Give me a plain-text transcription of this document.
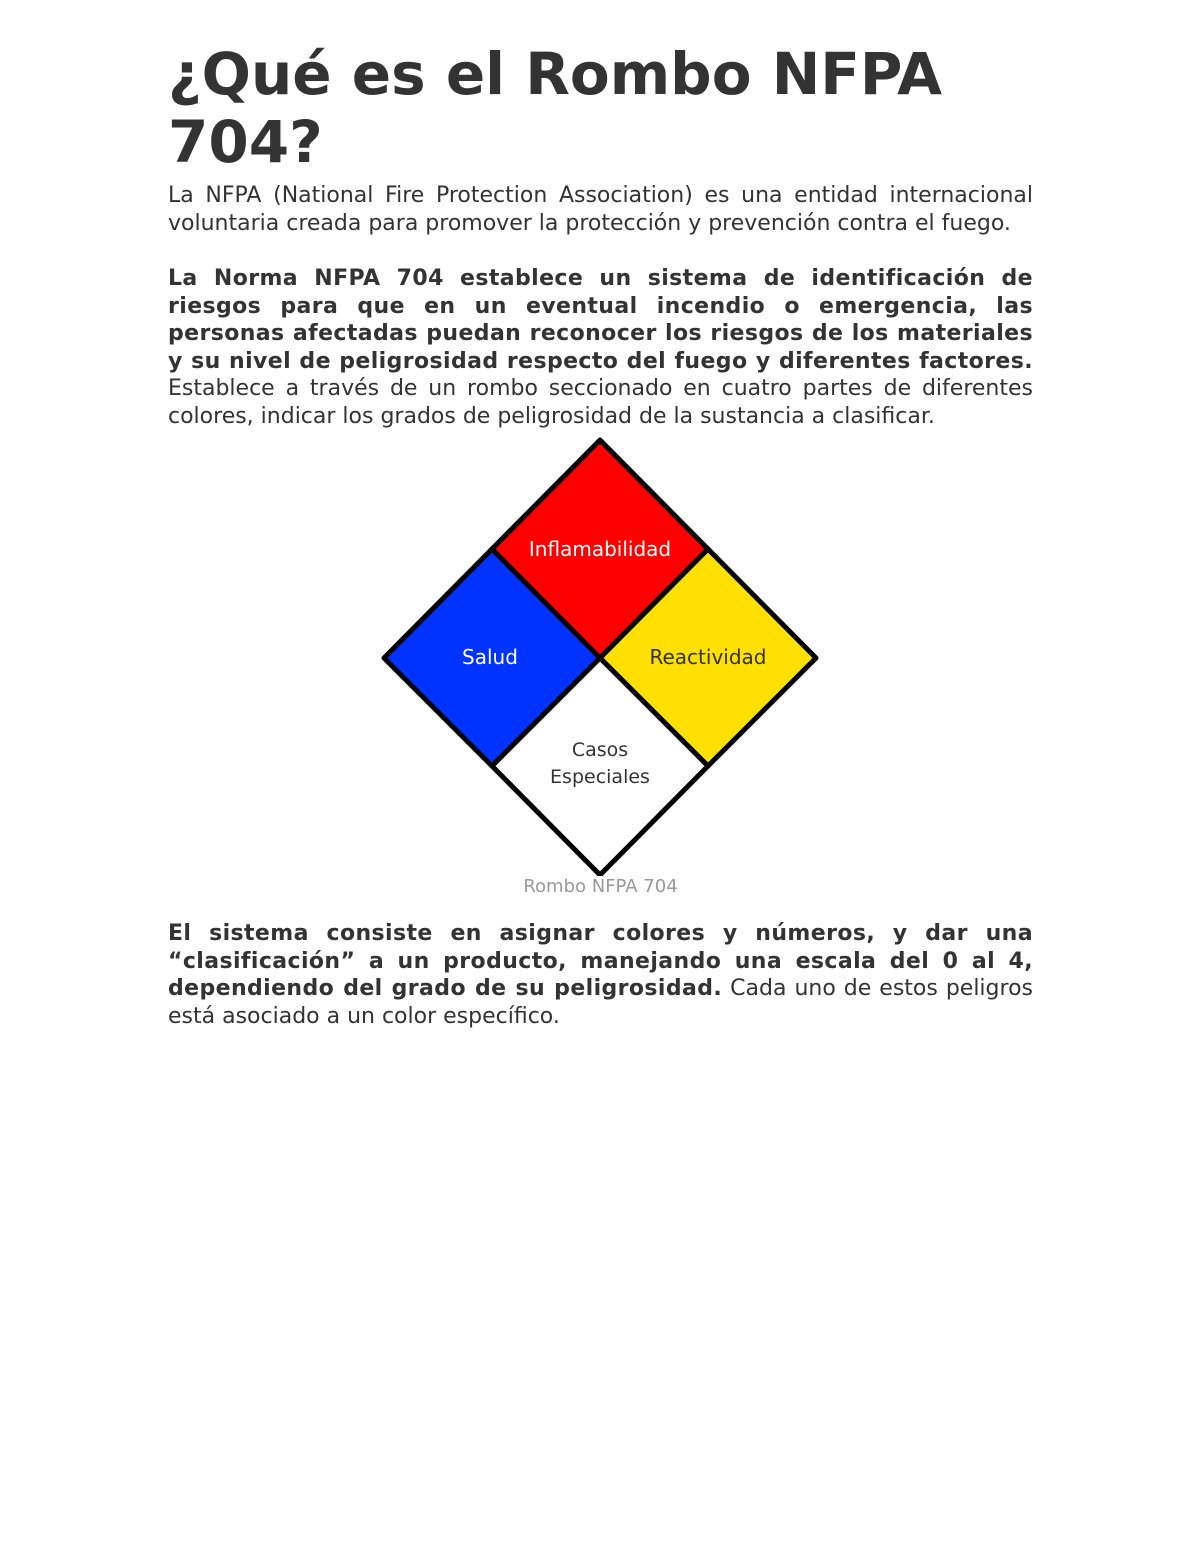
¿Qué es el Rombo NFPA 704?

La NFPA (National Fire Protection Association) es una entidad internacional voluntaria creada para promover la protección y prevención contra el fuego.

La Norma NFPA 704 establece un sistema de identificación de riesgos para que en un eventual incendio o emergencia, las personas afectadas puedan reconocer los riesgos de los materiales y su nivel de peligrosidad respecto del fuego y diferentes factores. Establece a través de un rombo seccionado en cuatro partes de diferentes colores, indicar los grados de peligrosidad de la sustancia a clasificar.

Inflamabilidad
Salud	Reactividad
Casos
Especiales
Rombo NFPA 704

El sistema consiste en asignar colores y números, y dar una “clasificación” a un producto, manejando una escala del 0 al 4, dependiendo del grado de su peligrosidad. Cada uno de estos peligros está asociado a un color específico.
